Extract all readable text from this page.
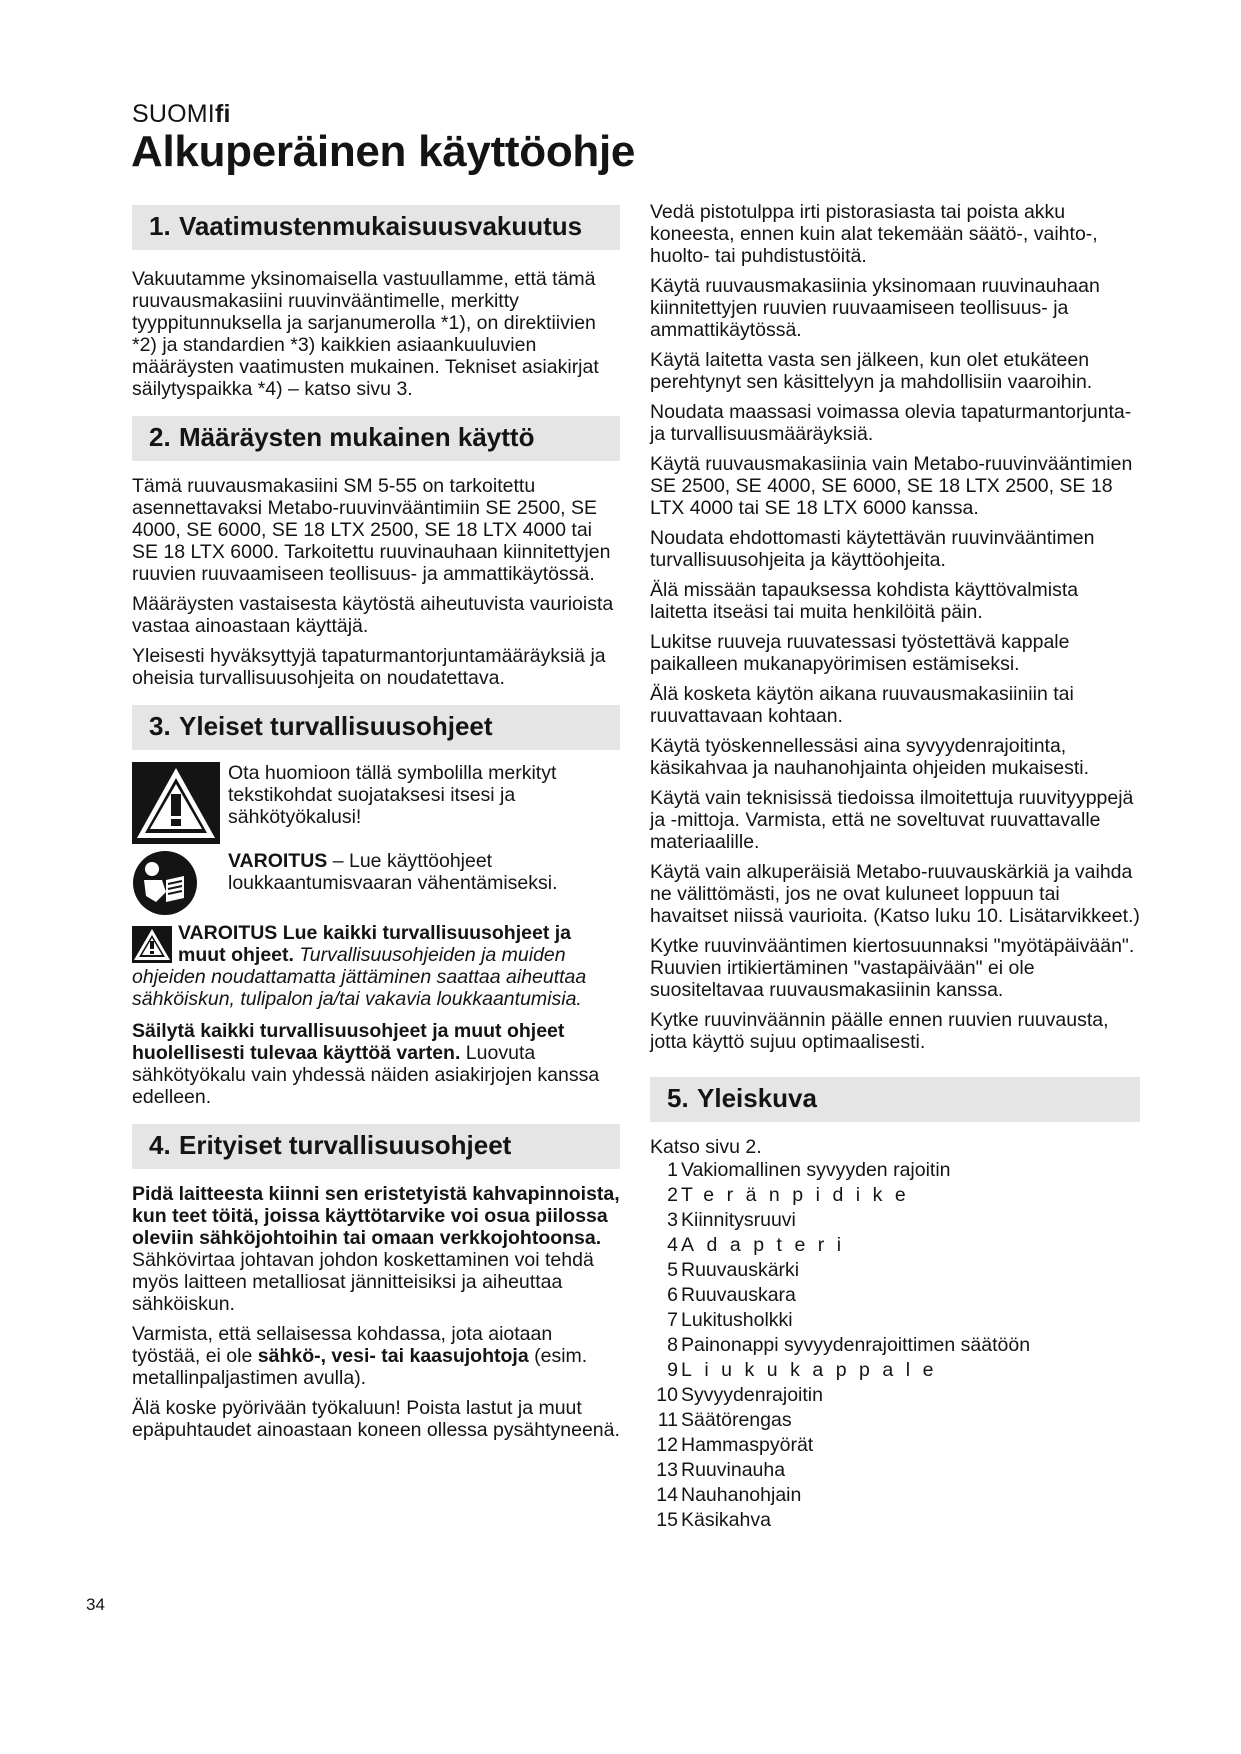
SUOMIfi
Alkuperäinen käyttöohje
1. Vaatimustenmukaisuusvakuutus

Vakuutamme yksinomaisella vastuullamme, että tämä ruuvausmakasiini ruuvinvääntimelle, merkitty tyyppitunnuksella ja sarjanumerolla *1), on direktiivien *2) ja standardien *3) kaikkien asiaankuuluvien määräysten vaatimusten mukainen. Tekniset asiakirjat säilytyspaikka *4) – katso sivu 3.

2. Määräysten mukainen käyttö

Tämä ruuvausmakasiini SM 5-55 on tarkoitettu asennettavaksi Metabo-ruuvinvääntimiin SE 2500, SE 4000, SE 6000, SE 18 LTX 2500, SE 18 LTX 4000 tai SE 18 LTX 6000. Tarkoitettu ruuvinauhaan kiinnitettyjen ruuvien ruuvaamiseen teollisuus- ja ammattikäytössä.

Määräysten vastaisesta käytöstä aiheutuvista vaurioista vastaa ainoastaan käyttäjä.

Yleisesti hyväksyttyjä tapaturmantorjuntamääräyksiä ja oheisia turvallisuusohjeita on noudatettava.

3. Yleiset turvallisuusohjeet

Ota huomioon tällä symbolilla merkityt tekstikohdat suojataksesi itsesi ja sähkötyökalusi!

VAROITUS – Lue käyttöohjeet loukkaantumisvaaran vähentämiseksi.

VAROITUS Lue kaikki turvallisuusohjeet ja muut ohjeet. Turvallisuusohjeiden ja muiden ohjeiden noudattamatta jättäminen saattaa aiheuttaa sähköiskun, tulipalon ja/tai vakavia loukkaantumisia.

Säilytä kaikki turvallisuusohjeet ja muut ohjeet huolellisesti tulevaa käyttöä varten. Luovuta sähkötyökalu vain yhdessä näiden asiakirjojen kanssa edelleen.

4. Erityiset turvallisuusohjeet

Pidä laitteesta kiinni sen eristetyistä kahvapinnoista, kun teet töitä, joissa käyttötarvike voi osua piilossa oleviin sähköjohtoihin tai omaan verkkojohtoonsa. Sähkövirtaa johtavan johdon koskettaminen voi tehdä myös laitteen metalliosat jännitteisiksi ja aiheuttaa sähköiskun.

Varmista, että sellaisessa kohdassa, jota aiotaan työstää, ei ole sähkö-, vesi- tai kaasujohtoja (esim. metallinpaljastimen avulla).

Älä koske pyörivään työkaluun! Poista lastut ja muut epäpuhtaudet ainoastaan koneen ollessa pysähtyneenä.

Vedä pistotulppa irti pistorasiasta tai poista akku koneesta, ennen kuin alat tekemään säätö-, vaihto-, huolto- tai puhdistustöitä.

Käytä ruuvausmakasiinia yksinomaan ruuvinauhaan kiinnitettyjen ruuvien ruuvaamiseen teollisuus- ja ammattikäytössä.

Käytä laitetta vasta sen jälkeen, kun olet etukäteen perehtynyt sen käsittelyyn ja mahdollisiin vaaroihin.

Noudata maassasi voimassa olevia tapaturmantorjunta- ja turvallisuusmääräyksiä.

Käytä ruuvausmakasiinia vain Metabo-ruuvinvääntimien SE 2500, SE 4000, SE 6000, SE 18 LTX 2500, SE 18 LTX 4000 tai SE 18 LTX 6000 kanssa.

Noudata ehdottomasti käytettävän ruuvinvääntimen turvallisuusohjeita ja käyttöohjeita.

Älä missään tapauksessa kohdista käyttövalmista laitetta itseäsi tai muita henkilöitä päin.

Lukitse ruuveja ruuvatessasi työstettävä kappale paikalleen mukanapyörimisen estämiseksi.

Älä kosketa käytön aikana ruuvausmakasiiniin tai ruuvattavaan kohtaan.

Käytä työskennellessäsi aina syvyydenrajoitinta, käsikahvaa ja nauhanohjainta ohjeiden mukaisesti.

Käytä vain teknisissä tiedoissa ilmoitettuja ruuvityyppejä ja -mittoja. Varmista, että ne soveltuvat ruuvattavalle materiaalille.

Käytä vain alkuperäisiä Metabo-ruuvauskärkiä ja vaihda ne välittömästi, jos ne ovat kuluneet loppuun tai havaitset niissä vaurioita. (Katso luku 10. Lisätarvikkeet.)

Kytke ruuvinvääntimen kiertosuunnaksi "myötäpäivään".

Ruuvien irtikiertäminen "vastapäivään" ei ole suositeltavaa ruuvausmakasiinin kanssa.

Kytke ruuvinväännin päälle ennen ruuvien ruuvausta, jotta käyttö sujuu optimaalisesti.

5. Yleiskuva

Katso sivu 2.

1 Vakiomallinen syvyyden rajoitin
2 Teränpidike
3 Kiinnitysruuvi
4 Adapteri
5 Ruuvauskärki
6 Ruuvauskara
7 Lukitusholkki
8 Painonappi syvyydenrajoittimen säätöön
9 Liukukappale
10 Syvyydenrajoitin
11 Säätörengas
12 Hammaspyörät
13 Ruuvinauha
14 Nauhanohjain
15 Käsikahva
34
